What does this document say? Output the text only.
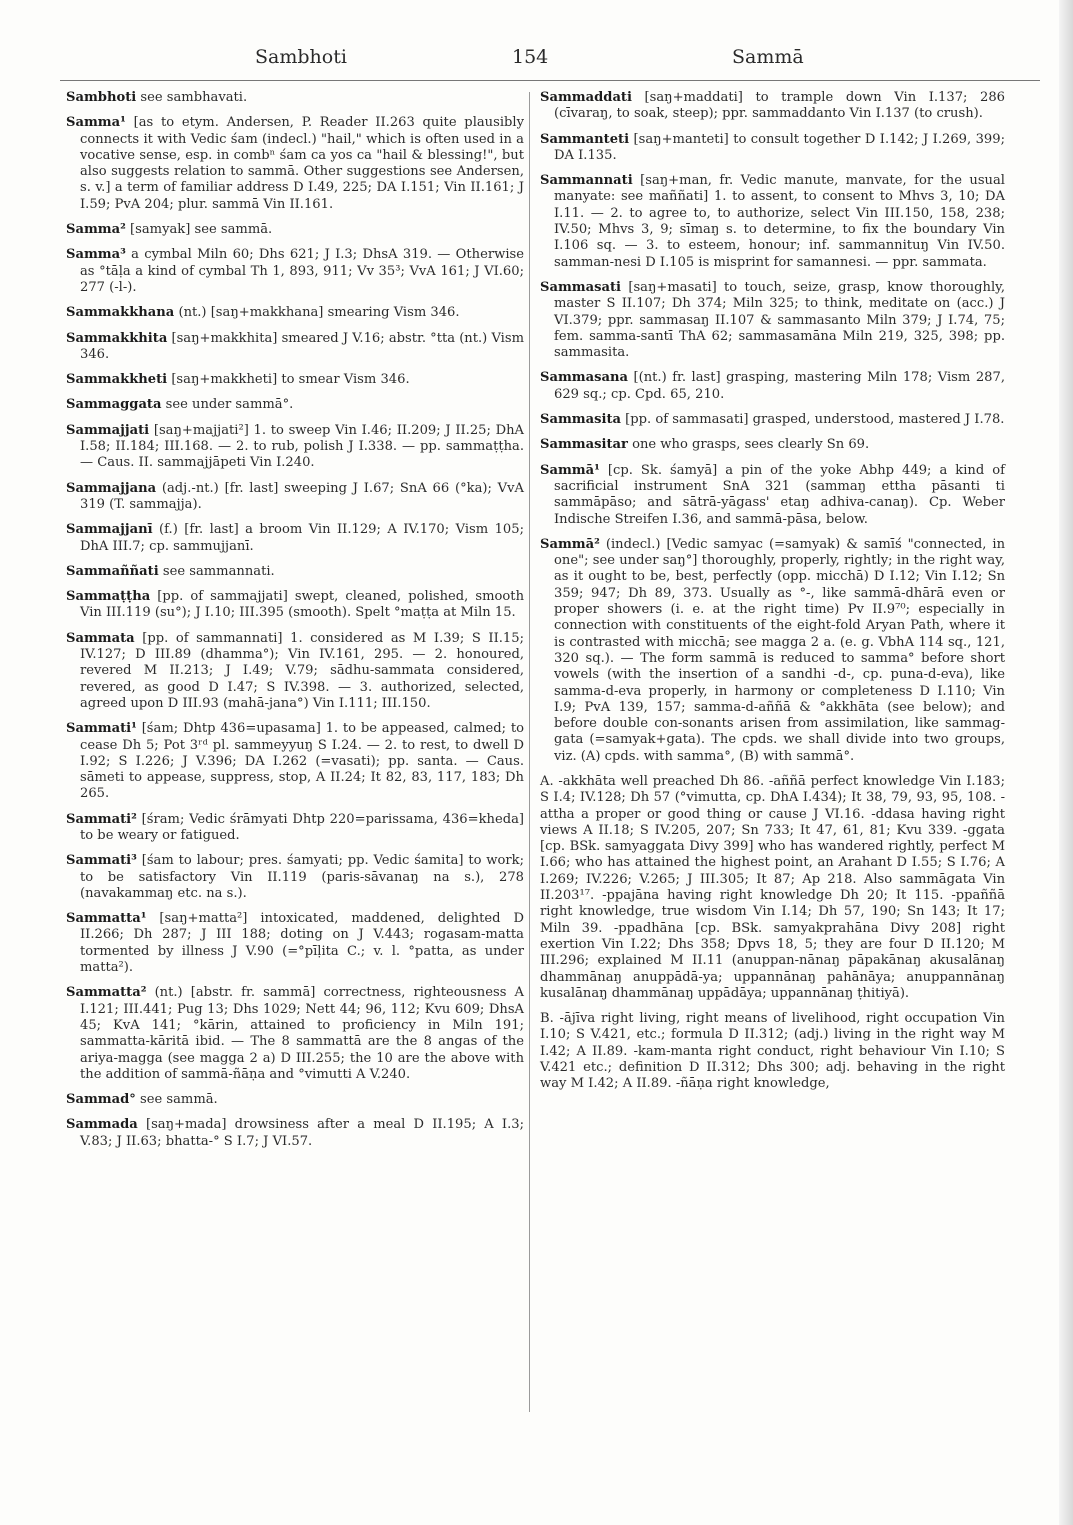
Sambhoti	154	Sammā

Sambhoti see sambhavati.

Samma¹ [as to etym. Andersen, P. Reader II.263 quite plausibly connects it with Vedic śam (indecl.) "hail," which is often used in a vocative sense, esp. in combⁿ śam ca yos ca "hail & blessing!", but also suggests relation to sammā. Other suggestions see Andersen, s. v.] a term of familiar address D I.49, 225; DA I.151; Vin II.161; J I.59; PvA 204; plur. sammā Vin II.161.

Samma² [samyak] see sammā.

Samma³ a cymbal Miln 60; Dhs 621; J I.3; DhsA 319. — Otherwise as °tāḷa a kind of cymbal Th 1, 893, 911; Vv 35³; VvA 161; J VI.60; 277 (-l-).

Sammakkhana (nt.) [saŋ+makkhana] smearing Vism 346.

Sammakkhita [saŋ+makkhita] smeared J V.16; abstr. °tta (nt.) Vism 346.

Sammakkheti [saŋ+makkheti] to smear Vism 346.

Sammaggata see under sammā°.

Sammajjati [saŋ+majjati²] 1. to sweep Vin I.46; II.209; J II.25; DhA I.58; II.184; III.168. — 2. to rub, polish J I.338. — pp. sammaṭṭha. — Caus. II. sammajjāpeti Vin I.240.

Sammajjana (adj.-nt.) [fr. last] sweeping J I.67; SnA 66 (°ka); VvA 319 (T. sammajja).

Sammajjanī (f.) [fr. last] a broom Vin II.129; A IV.170; Vism 105; DhA III.7; cp. sammujjanī.

Sammaññati see sammannati.

Sammaṭṭha [pp. of sammajjati] swept, cleaned, polished, smooth Vin III.119 (su°); J I.10; III.395 (smooth). Spelt °maṭṭa at Miln 15.

Sammata [pp. of sammannati] 1. considered as M I.39; S II.15; IV.127; D III.89 (dhamma°); Vin IV.161, 295. — 2. honoured, revered M II.213; J I.49; V.79; sādhu-sammata considered, revered, as good D I.47; S IV.398. — 3. authorized, selected, agreed upon D III.93 (mahā-jana°) Vin I.111; III.150.

Sammati¹ [śam; Dhtp 436=upasama] 1. to be appeased, calmed; to cease Dh 5; Pot 3ʳᵈ pl. sammeyyuŋ S I.24. — 2. to rest, to dwell D I.92; S I.226; J V.396; DA I.262 (=vasati); pp. santa. — Caus. sāmeti to appease, suppress, stop, A II.24; It 82, 83, 117, 183; Dh 265.

Sammati² [śram; Vedic śrāmyati Dhtp 220=parissama, 436=kheda] to be weary or fatigued.

Sammati³ [śam to labour; pres. śamyati; pp. Vedic śamita] to work; to be satisfactory Vin II.119 (paris-sāvanaŋ na s.), 278 (navakammaŋ etc. na s.).

Sammatta¹ [saŋ+matta²] intoxicated, maddened, delighted D II.266; Dh 287; J III 188; doting on J V.443; rogasam-matta tormented by illness J V.90 (=°pīḷita C.; v. l. °patta, as under matta²).

Sammatta² (nt.) [abstr. fr. sammā] correctness, righteousness A I.121; III.441; Pug 13; Dhs 1029; Nett 44; 96, 112; Kvu 609; DhsA 45; KvA 141; °kārin, attained to proficiency in Miln 191; sammatta-kāritā ibid. — The 8 sammattā are the 8 angas of the ariya-magga (see magga 2 a) D III.255; the 10 are the above with the addition of sammā-ñāṇa and °vimutti A V.240.

Sammad° see sammā.

Sammada [saŋ+mada] drowsiness after a meal D II.195; A I.3; V.83; J II.63; bhatta-° S I.7; J VI.57.

Sammaddati [saŋ+maddati] to trample down Vin I.137; 286 (cīvaraŋ, to soak, steep); ppr. sammaddanto Vin I.137 (to crush).

Sammanteti [saŋ+manteti] to consult together D I.142; J I.269, 399; DA I.135.

Sammannati [saŋ+man, fr. Vedic manute, manvate, for the usual manyate: see maññati] 1. to assent, to consent to Mhvs 3, 10; DA I.11. — 2. to agree to, to authorize, select Vin III.150, 158, 238; IV.50; Mhvs 3, 9; sīmaŋ s. to determine, to fix the boundary Vin I.106 sq. — 3. to esteem, honour; inf. sammannituŋ Vin IV.50. samman-nesi D I.105 is misprint for samannesi. — ppr. sammata.

Sammasati [saŋ+masati] to touch, seize, grasp, know thoroughly, master S II.107; Dh 374; Miln 325; to think, meditate on (acc.) J VI.379; ppr. sammasaŋ II.107 & sammasanto Miln 379; J I.74, 75; fem. samma-santī ThA 62; sammasamāna Miln 219, 325, 398; pp. sammasita.

Sammasana [(nt.) fr. last] grasping, mastering Miln 178; Vism 287, 629 sq.; cp. Cpd. 65, 210.

Sammasita [pp. of sammasati] grasped, understood, mastered J I.78.

Sammasitar one who grasps, sees clearly Sn 69.

Sammā¹ [cp. Sk. śamyā] a pin of the yoke Abhp 449; a kind of sacrificial instrument SnA 321 (sammaŋ ettha pāsanti ti sammāpāso; and sātrā-yāgass' etaŋ adhiva-canaŋ). Cp. Weber Indische Streifen I.36, and sammā-pāsa, below.

Sammā² (indecl.) [Vedic samyac (=samyak) & samīś "connected, in one"; see under saŋ°] thoroughly, properly, rightly; in the right way, as it ought to be, best, perfectly (opp. micchā) D I.12; Vin I.12; Sn 359; 947; Dh 89, 373. Usually as °-, like sammā-dhārā even or proper showers (i. e. at the right time) Pv II.9⁷⁰; especially in connection with constituents of the eight-fold Aryan Path, where it is contrasted with micchā; see magga 2 a. (e. g. VbhA 114 sq., 121, 320 sq.). — The form sammā is reduced to samma° before short vowels (with the insertion of a sandhi -d-, cp. puna-d-eva), like samma-d-eva properly, in harmony or completeness D I.110; Vin I.9; PvA 139, 157; samma-d-aññā & °akkhāta (see below); and before double con-sonants arisen from assimilation, like sammag-gata (=samyak+gata). The cpds. we shall divide into two groups, viz. (A) cpds. with samma°, (B) with sammā°.

A. -akkhāta well preached Dh 86. -aññā perfect knowledge Vin I.183; S I.4; IV.128; Dh 57 (°vimutta, cp. DhA I.434); It 38, 79, 93, 95, 108. -attha a proper or good thing or cause J VI.16. -ddasa having right views A II.18; S IV.205, 207; Sn 733; It 47, 61, 81; Kvu 339. -ggata [cp. BSk. samyaggata Divy 399] who has wandered rightly, perfect M I.66; who has attained the highest point, an Arahant D I.55; S I.76; A I.269; IV.226; V.265; J III.305; It 87; Ap 218. Also sammāgata Vin II.203¹⁷. -ppajāna having right knowledge Dh 20; It 115. -ppaññā right knowledge, true wisdom Vin I.14; Dh 57, 190; Sn 143; It 17; Miln 39. -ppadhāna [cp. BSk. samyakprahāna Divy 208] right exertion Vin I.22; Dhs 358; Dpvs 18, 5; they are four D II.120; M III.296; explained M II.11 (anuppan-nānaŋ pāpakānaŋ akusalānaŋ dhammānaŋ anuppādā-ya; uppannānaŋ pahānāya; anuppannānaŋ kusalānaŋ dhammānaŋ uppādāya; uppannānaŋ ṭhitiyā).

B. -ājīva right living, right means of livelihood, right occupation Vin I.10; S V.421, etc.; formula D II.312; (adj.) living in the right way M I.42; A II.89. -kam-manta right conduct, right behaviour Vin I.10; S V.421 etc.; definition D II.312; Dhs 300; adj. behaving in the right way M I.42; A II.89. -ñāṇa right knowledge,
